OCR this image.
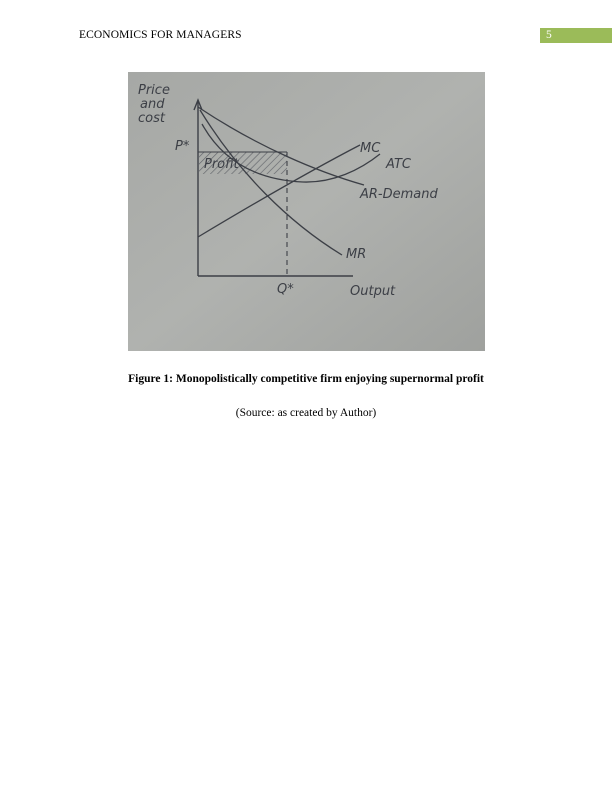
ECONOMICS FOR MANAGERS	5
Price
and
cost
P*
Profit
MC
ATC
AR-Demand
MR
Q*	Output
Figure 1: Monopolistically competitive firm enjoying supernormal profit
(Source: as created by Author)
